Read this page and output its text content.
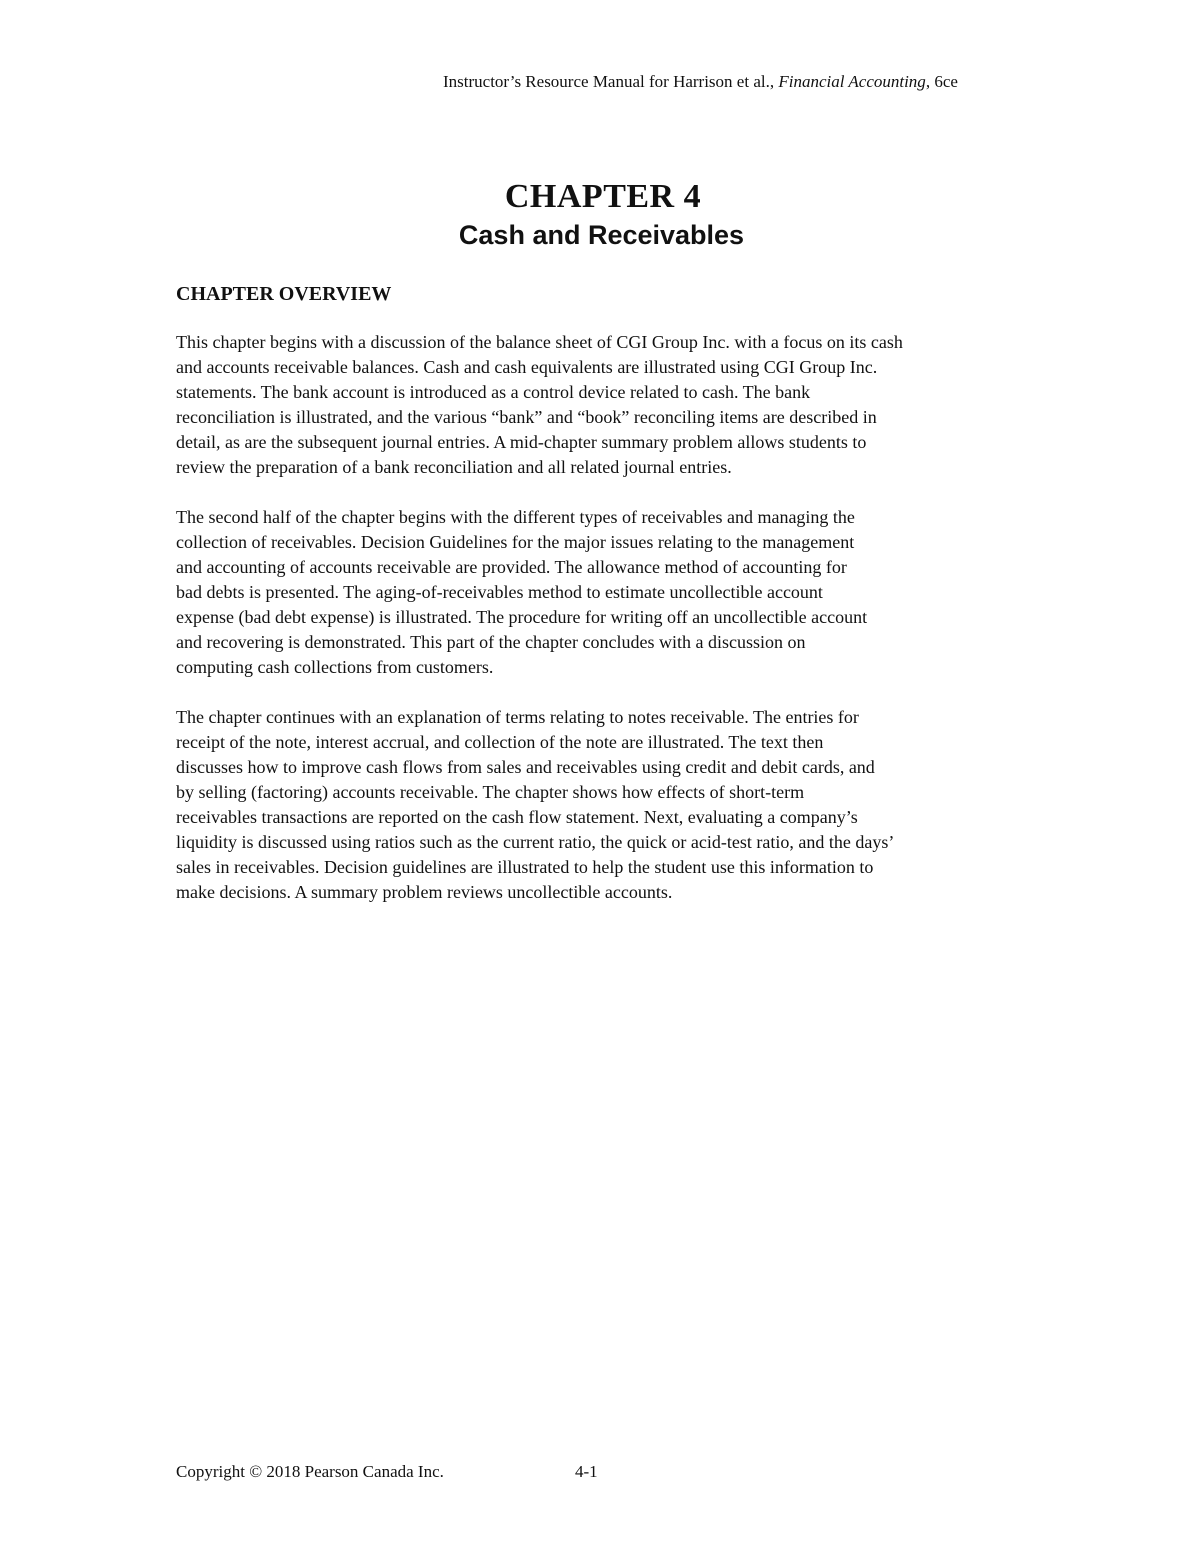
Instructor’s Resource Manual for Harrison et al., Financial Accounting, 6ce
CHAPTER 4
Cash and Receivables
CHAPTER OVERVIEW

This chapter begins with a discussion of the balance sheet of CGI Group Inc. with a focus on its cash
and accounts receivable balances. Cash and cash equivalents are illustrated using CGI Group Inc.
statements. The bank account is introduced as a control device related to cash. The bank
reconciliation is illustrated, and the various “bank” and “book” reconciling items are described in
detail, as are the subsequent journal entries. A mid-chapter summary problem allows students to
review the preparation of a bank reconciliation and all related journal entries.

The second half of the chapter begins with the different types of receivables and managing the
collection of receivables. Decision Guidelines for the major issues relating to the management
and accounting of accounts receivable are provided. The allowance method of accounting for
bad debts is presented. The aging-of-receivables method to estimate uncollectible account
expense (bad debt expense) is illustrated. The procedure for writing off an uncollectible account
and recovering is demonstrated. This part of the chapter concludes with a discussion on
computing cash collections from customers.

The chapter continues with an explanation of terms relating to notes receivable. The entries for
receipt of the note, interest accrual, and collection of the note are illustrated. The text then
discusses how to improve cash flows from sales and receivables using credit and debit cards, and
by selling (factoring) accounts receivable. The chapter shows how effects of short-term
receivables transactions are reported on the cash flow statement. Next, evaluating a company’s
liquidity is discussed using ratios such as the current ratio, the quick or acid-test ratio, and the days’
sales in receivables. Decision guidelines are illustrated to help the student use this information to
make decisions. A summary problem reviews uncollectible accounts.

Copyright © 2018 Pearson Canada Inc.	4-1
